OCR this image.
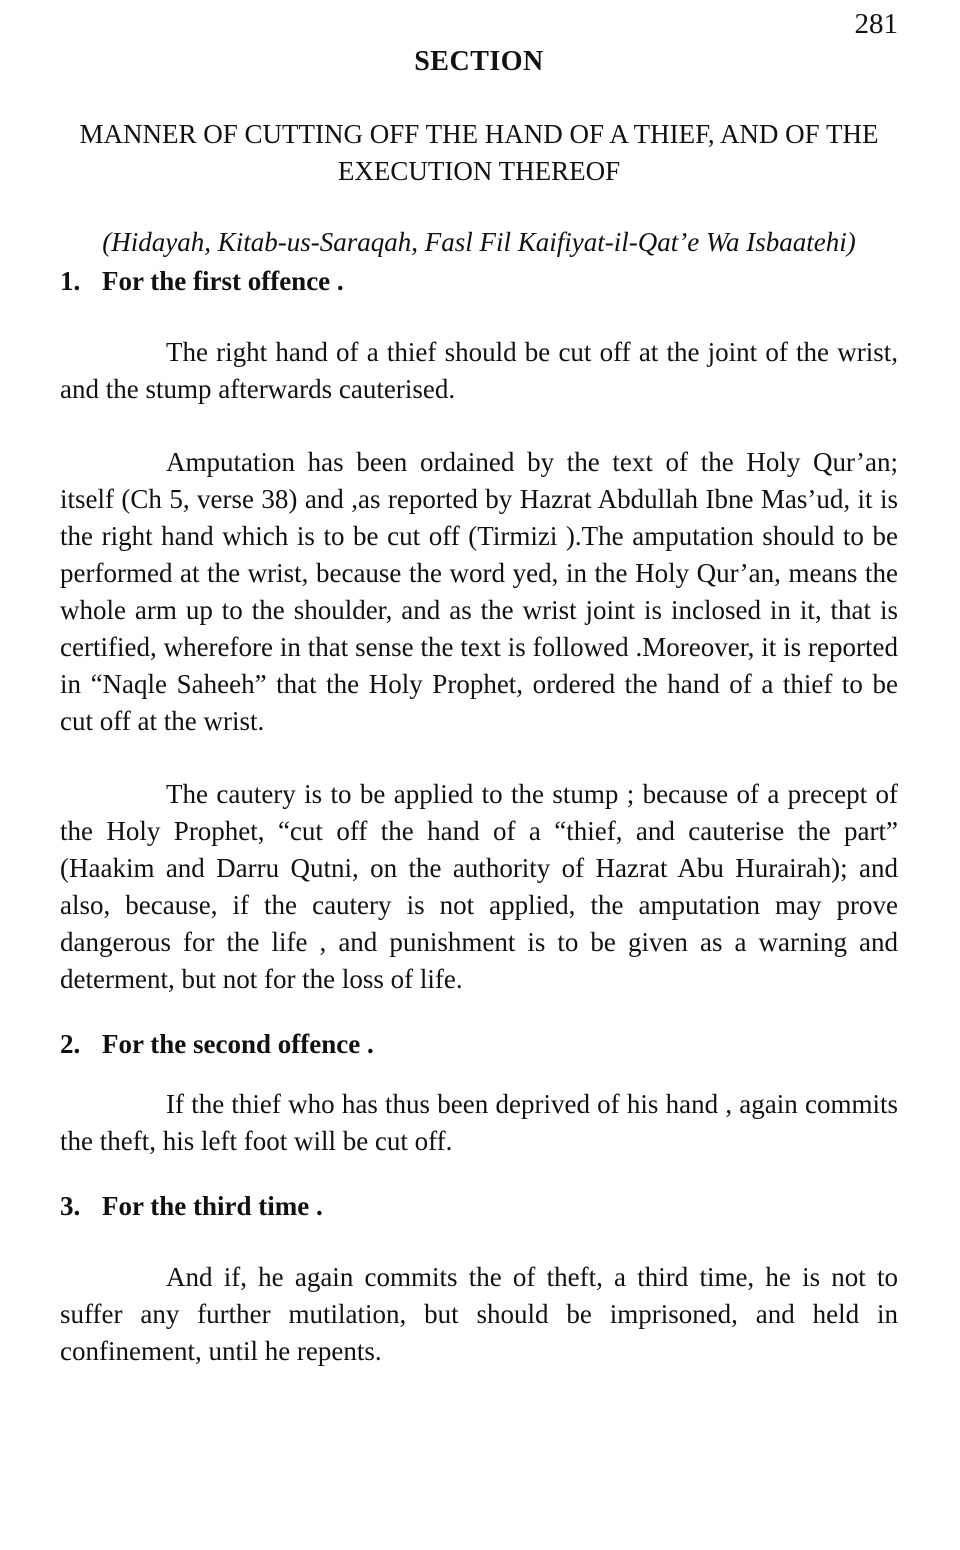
281
SECTION
MANNER OF CUTTING OFF THE HAND OF A THIEF, AND OF THE EXECUTION THEREOF
(Hidayah, Kitab-us-Saraqah, Fasl Fil Kaifiyat-il-Qat’e Wa Isbaatehi)
1. For the first offence .

The right hand of a thief should be cut off at the joint of the wrist, and the stump afterwards cauterised.

Amputation has been ordained by the text of the Holy Qur’an; itself (Ch 5, verse 38) and ,as reported by Hazrat Abdullah Ibne Mas’ud, it is the right hand which is to be cut off (Tirmizi ).The amputation should to be performed at the wrist, because the word yed, in the Holy Qur’an, means the whole arm up to the shoulder, and as the wrist joint is inclosed in it, that is certified, wherefore in that sense the text is followed .Moreover, it is reported in “Naqle Saheeh” that the Holy Prophet, ordered the hand of a thief to be cut off at the wrist.

The cautery is to be applied to the stump ; because of a precept of the Holy Prophet, “cut off the hand of a “thief, and cauterise the part” (Haakim and Darru Qutni, on the authority of Hazrat Abu Hurairah); and also, because, if the cautery is not applied, the amputation may prove dangerous for the life , and punishment is to be given as a warning and determent, but not for the loss of life.

2. For the second offence .

If the thief who has thus been deprived of his hand , again commits the theft, his left foot will be cut off.

3. For the third time .

And if, he again commits the of theft, a third time, he is not to suffer any further mutilation, but should be imprisoned, and held in confinement, until he repents.
